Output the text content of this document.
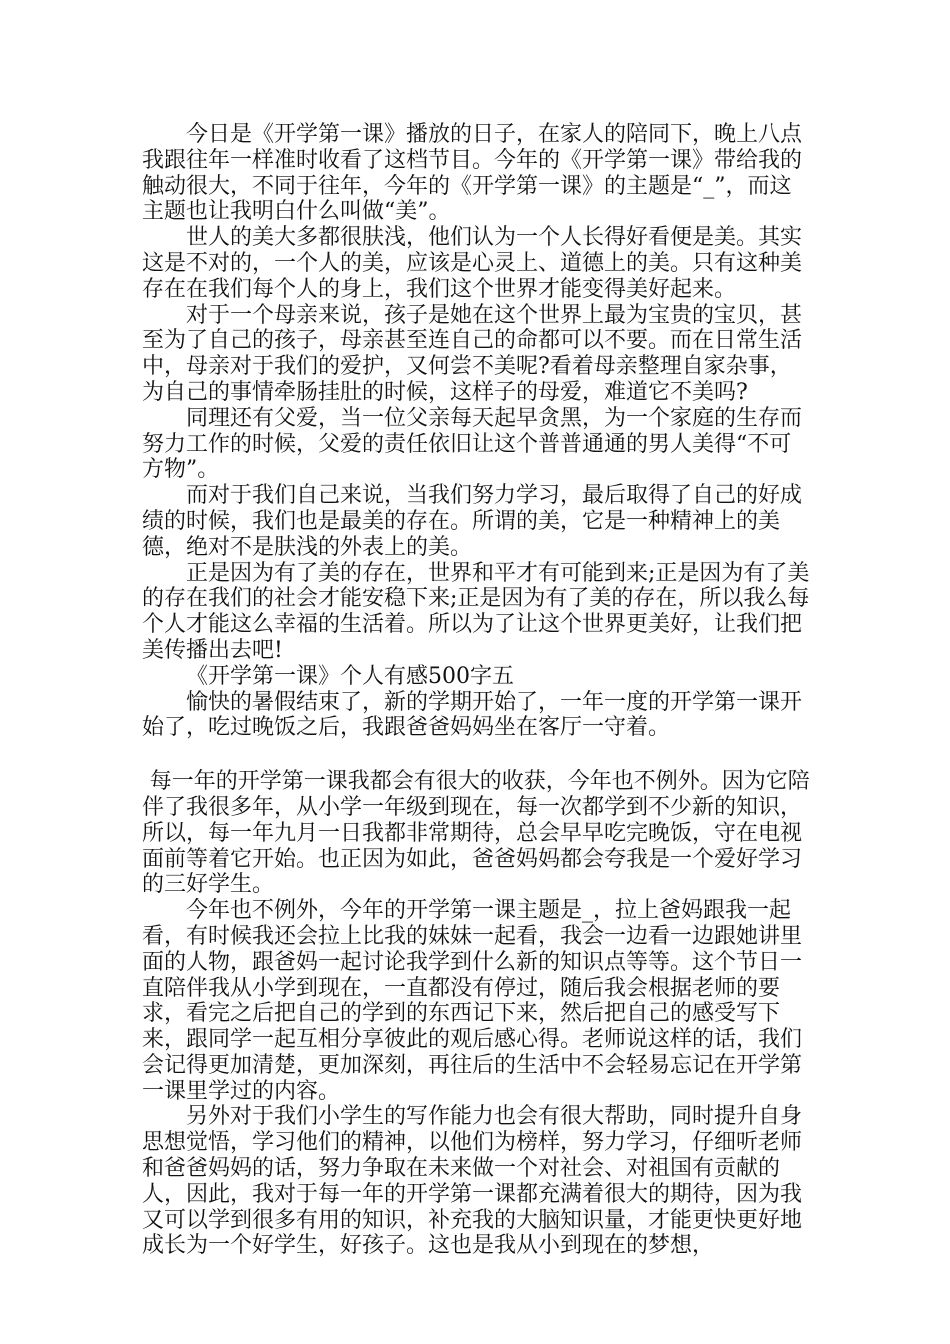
今日是《开学第一课》播放的日子，在家人的陪同下，晚上八点我跟往年一样准时收看了这档节目。今年的《开学第一课》带给我的触动很大，不同于往年，今年的《开学第一课》的主题是“_”，而这主题也让我明白什么叫做“美”。

世人的美大多都很肤浅，他们认为一个人长得好看便是美。其实这是不对的，一个人的美，应该是心灵上、道德上的美。只有这种美存在在我们每个人的身上，我们这个世界才能变得美好起来。

对于一个母亲来说，孩子是她在这个世界上最为宝贵的宝贝，甚至为了自己的孩子，母亲甚至连自己的命都可以不要。而在日常生活中，母亲对于我们的爱护，又何尝不美呢?看着母亲整理自家杂事，为自己的事情牵肠挂肚的时候，这样子的母爱，难道它不美吗?

同理还有父爱，当一位父亲每天起早贪黑，为一个家庭的生存而努力工作的时候，父爱的责任依旧让这个普普通通的男人美得“不可方物”。

而对于我们自己来说，当我们努力学习，最后取得了自己的好成绩的时候，我们也是最美的存在。所谓的美，它是一种精神上的美德，绝对不是肤浅的外表上的美。

正是因为有了美的存在，世界和平才有可能到来;正是因为有了美的存在我们的社会才能安稳下来;正是因为有了美的存在，所以我么每个人才能这么幸福的生活着。所以为了让这个世界更美好，让我们把美传播出去吧!

《开学第一课》个人有感500字五

愉快的暑假结束了，新的学期开始了，一年一度的开学第一课开始了，吃过晚饭之后，我跟爸爸妈妈坐在客厅一守着。

每一年的开学第一课我都会有很大的收获，今年也不例外。因为它陪伴了我很多年，从小学一年级到现在，每一次都学到不少新的知识，所以，每一年九月一日我都非常期待，总会早早吃完晚饭，守在电视面前等着它开始。也正因为如此，爸爸妈妈都会夸我是一个爱好学习的三好学生。

今年也不例外，今年的开学第一课主题是_，拉上爸妈跟我一起看，有时候我还会拉上比我的妹妹一起看，我会一边看一边跟她讲里面的人物，跟爸妈一起讨论我学到什么新的知识点等等。这个节日一直陪伴我从小学到现在，一直都没有停过，随后我会根据老师的要求，看完之后把自己的学到的东西记下来，然后把自己的感受写下来，跟同学一起互相分享彼此的观后感心得。老师说这样的话，我们会记得更加清楚，更加深刻，再往后的生活中不会轻易忘记在开学第一课里学过的内容。

另外对于我们小学生的写作能力也会有很大帮助，同时提升自身思想觉悟，学习他们的精神，以他们为榜样，努力学习，仔细听老师和爸爸妈妈的话，努力争取在未来做一个对社会、对祖国有贡献的人，因此，我对于每一年的开学第一课都充满着很大的期待，因为我又可以学到很多有用的知识，补充我的大脑知识量，才能更快更好地成长为一个好学生，好孩子。这也是我从小到现在的梦想，
